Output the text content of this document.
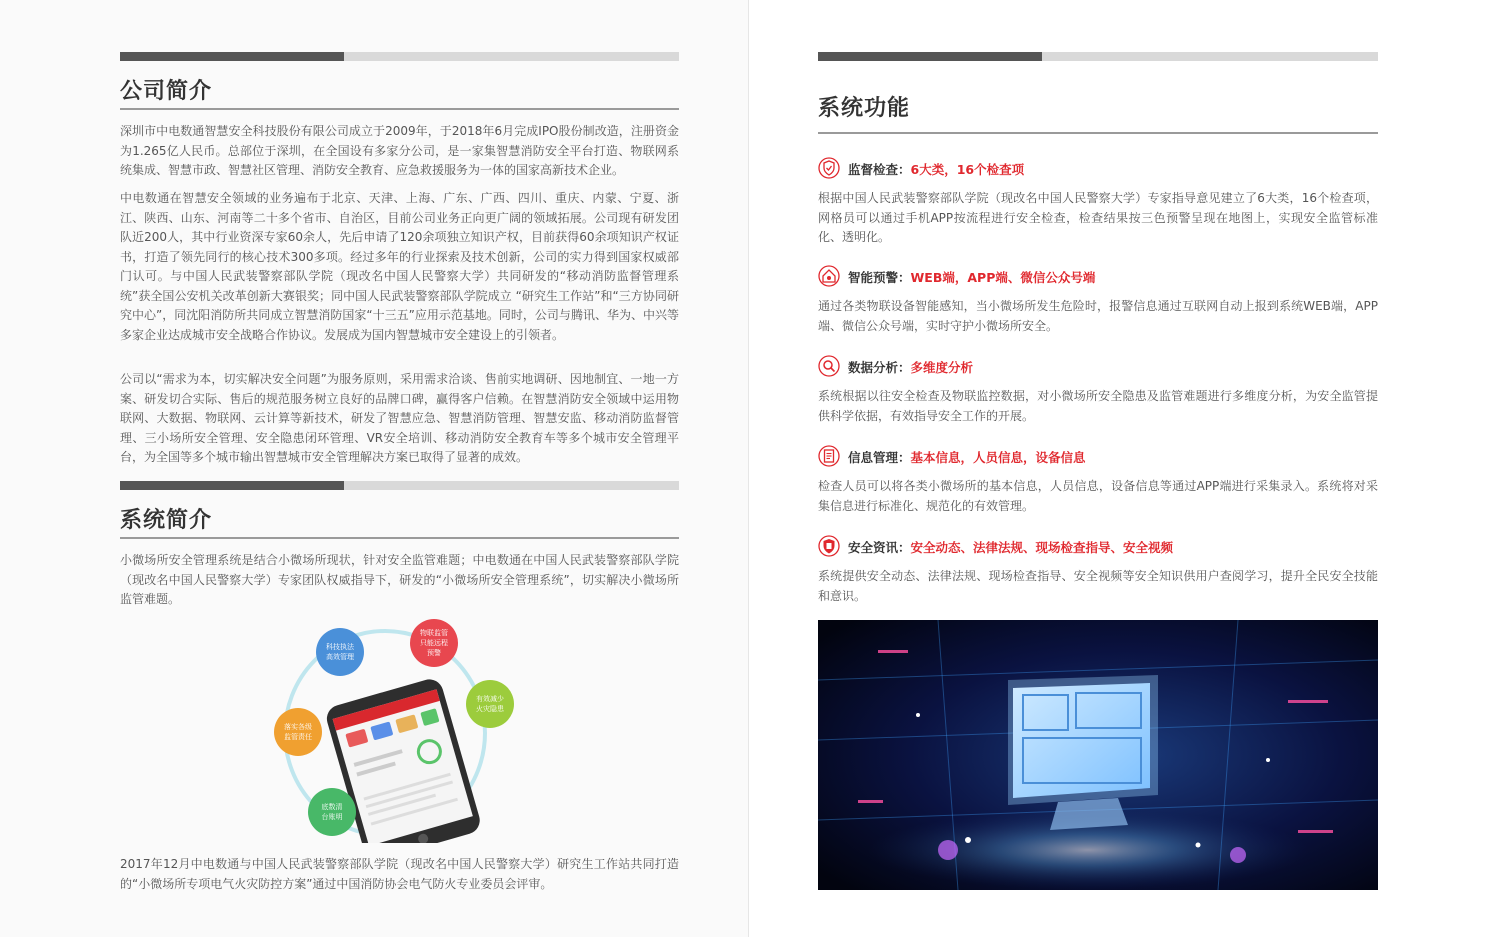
公司简介

深圳市中电数通智慧安全科技股份有限公司成立于2009年，于2018年6月完成IPO股份制改造，注册资金为1.265亿人民币。总部位于深圳，在全国设有多家分公司，是一家集智慧消防安全平台打造、物联网系统集成、智慧市政、智慧社区管理、消防安全教育、应急救援服务为一体的国家高新技术企业。

中电数通在智慧安全领域的业务遍布于北京、天津、上海、广东、广西、四川、重庆、内蒙、宁夏、浙江、陕西、山东、河南等二十多个省市、自治区，目前公司业务正向更广阔的领域拓展。公司现有研发团队近200人，其中行业资深专家60余人，先后申请了120余项独立知识产权，目前获得60余项知识产权证书，打造了领先同行的核心技术300多项。经过多年的行业探索及技术创新，公司的实力得到国家权威部门认可。与中国人民武装警察部队学院（现改名中国人民警察大学）共同研发的“移动消防监督管理系统”获全国公安机关改革创新大赛银奖；同中国人民武装警察部队学院成立 “研究生工作站”和“三方协同研究中心”，同沈阳消防所共同成立智慧消防国家“十三五”应用示范基地。同时，公司与腾讯、华为、中兴等多家企业达成城市安全战略合作协议。发展成为国内智慧城市安全建设上的引领者。

公司以“需求为本，切实解决安全问题”为服务原则，采用需求洽谈、售前实地调研、因地制宜、一地一方案、研发切合实际、售后的规范服务树立良好的品牌口碑，赢得客户信赖。在智慧消防安全领域中运用物联网、大数据、物联网、云计算等新技术，研发了智慧应急、智慧消防管理、智慧安监、移动消防监督管理、三小场所安全管理、安全隐患闭环管理、VR安全培训、移动消防安全教育车等多个城市安全管理平台，为全国等多个城市输出智慧城市安全管理解决方案已取得了显著的成效。

系统简介

小微场所安全管理系统是结合小微场所现状，针对安全监管难题；中电数通在中国人民武装警察部队学院（现改名中国人民警察大学）专家团队权威指导下，研发的“小微场所安全管理系统”，切实解决小微场所监管难题。

科技执法
高效管理
物联监管
只能远程
预警
有效减少
火灾隐患
落实各级
监管责任
底数清
台账明

2017年12月中电数通与中国人民武装警察部队学院（现改名中国人民警察大学）研究生工作站共同打造的“小微场所专项电气火灾防控方案”通过中国消防协会电气防火专业委员会评审。

系统功能
监督检查：6大类，16个检查项

根据中国人民武装警察部队学院（现改名中国人民警察大学）专家指导意见建立了6大类，16个检查项，网格员可以通过手机APP按流程进行安全检查，检查结果按三色预警呈现在地图上，实现安全监管标准化、透明化。

智能预警：WEB端，APP端、微信公众号端

通过各类物联设备智能感知，当小微场所发生危险时，报警信息通过互联网自动上报到系统WEB端，APP端、微信公众号端，实时守护小微场所安全。

数据分析：多维度分析

系统根据以往安全检查及物联监控数据，对小微场所安全隐患及监管难题进行多维度分析，为安全监管提供科学依据，有效指导安全工作的开展。

信息管理：基本信息，人员信息，设备信息

检查人员可以将各类小微场所的基本信息，人员信息，设备信息等通过APP端进行采集录入。系统将对采集信息进行标准化、规范化的有效管理。

安全资讯：安全动态、法律法规、现场检查指导、安全视频

系统提供安全动态、法律法规、现场检查指导、安全视频等安全知识供用户查阅学习，提升全民安全技能和意识。
